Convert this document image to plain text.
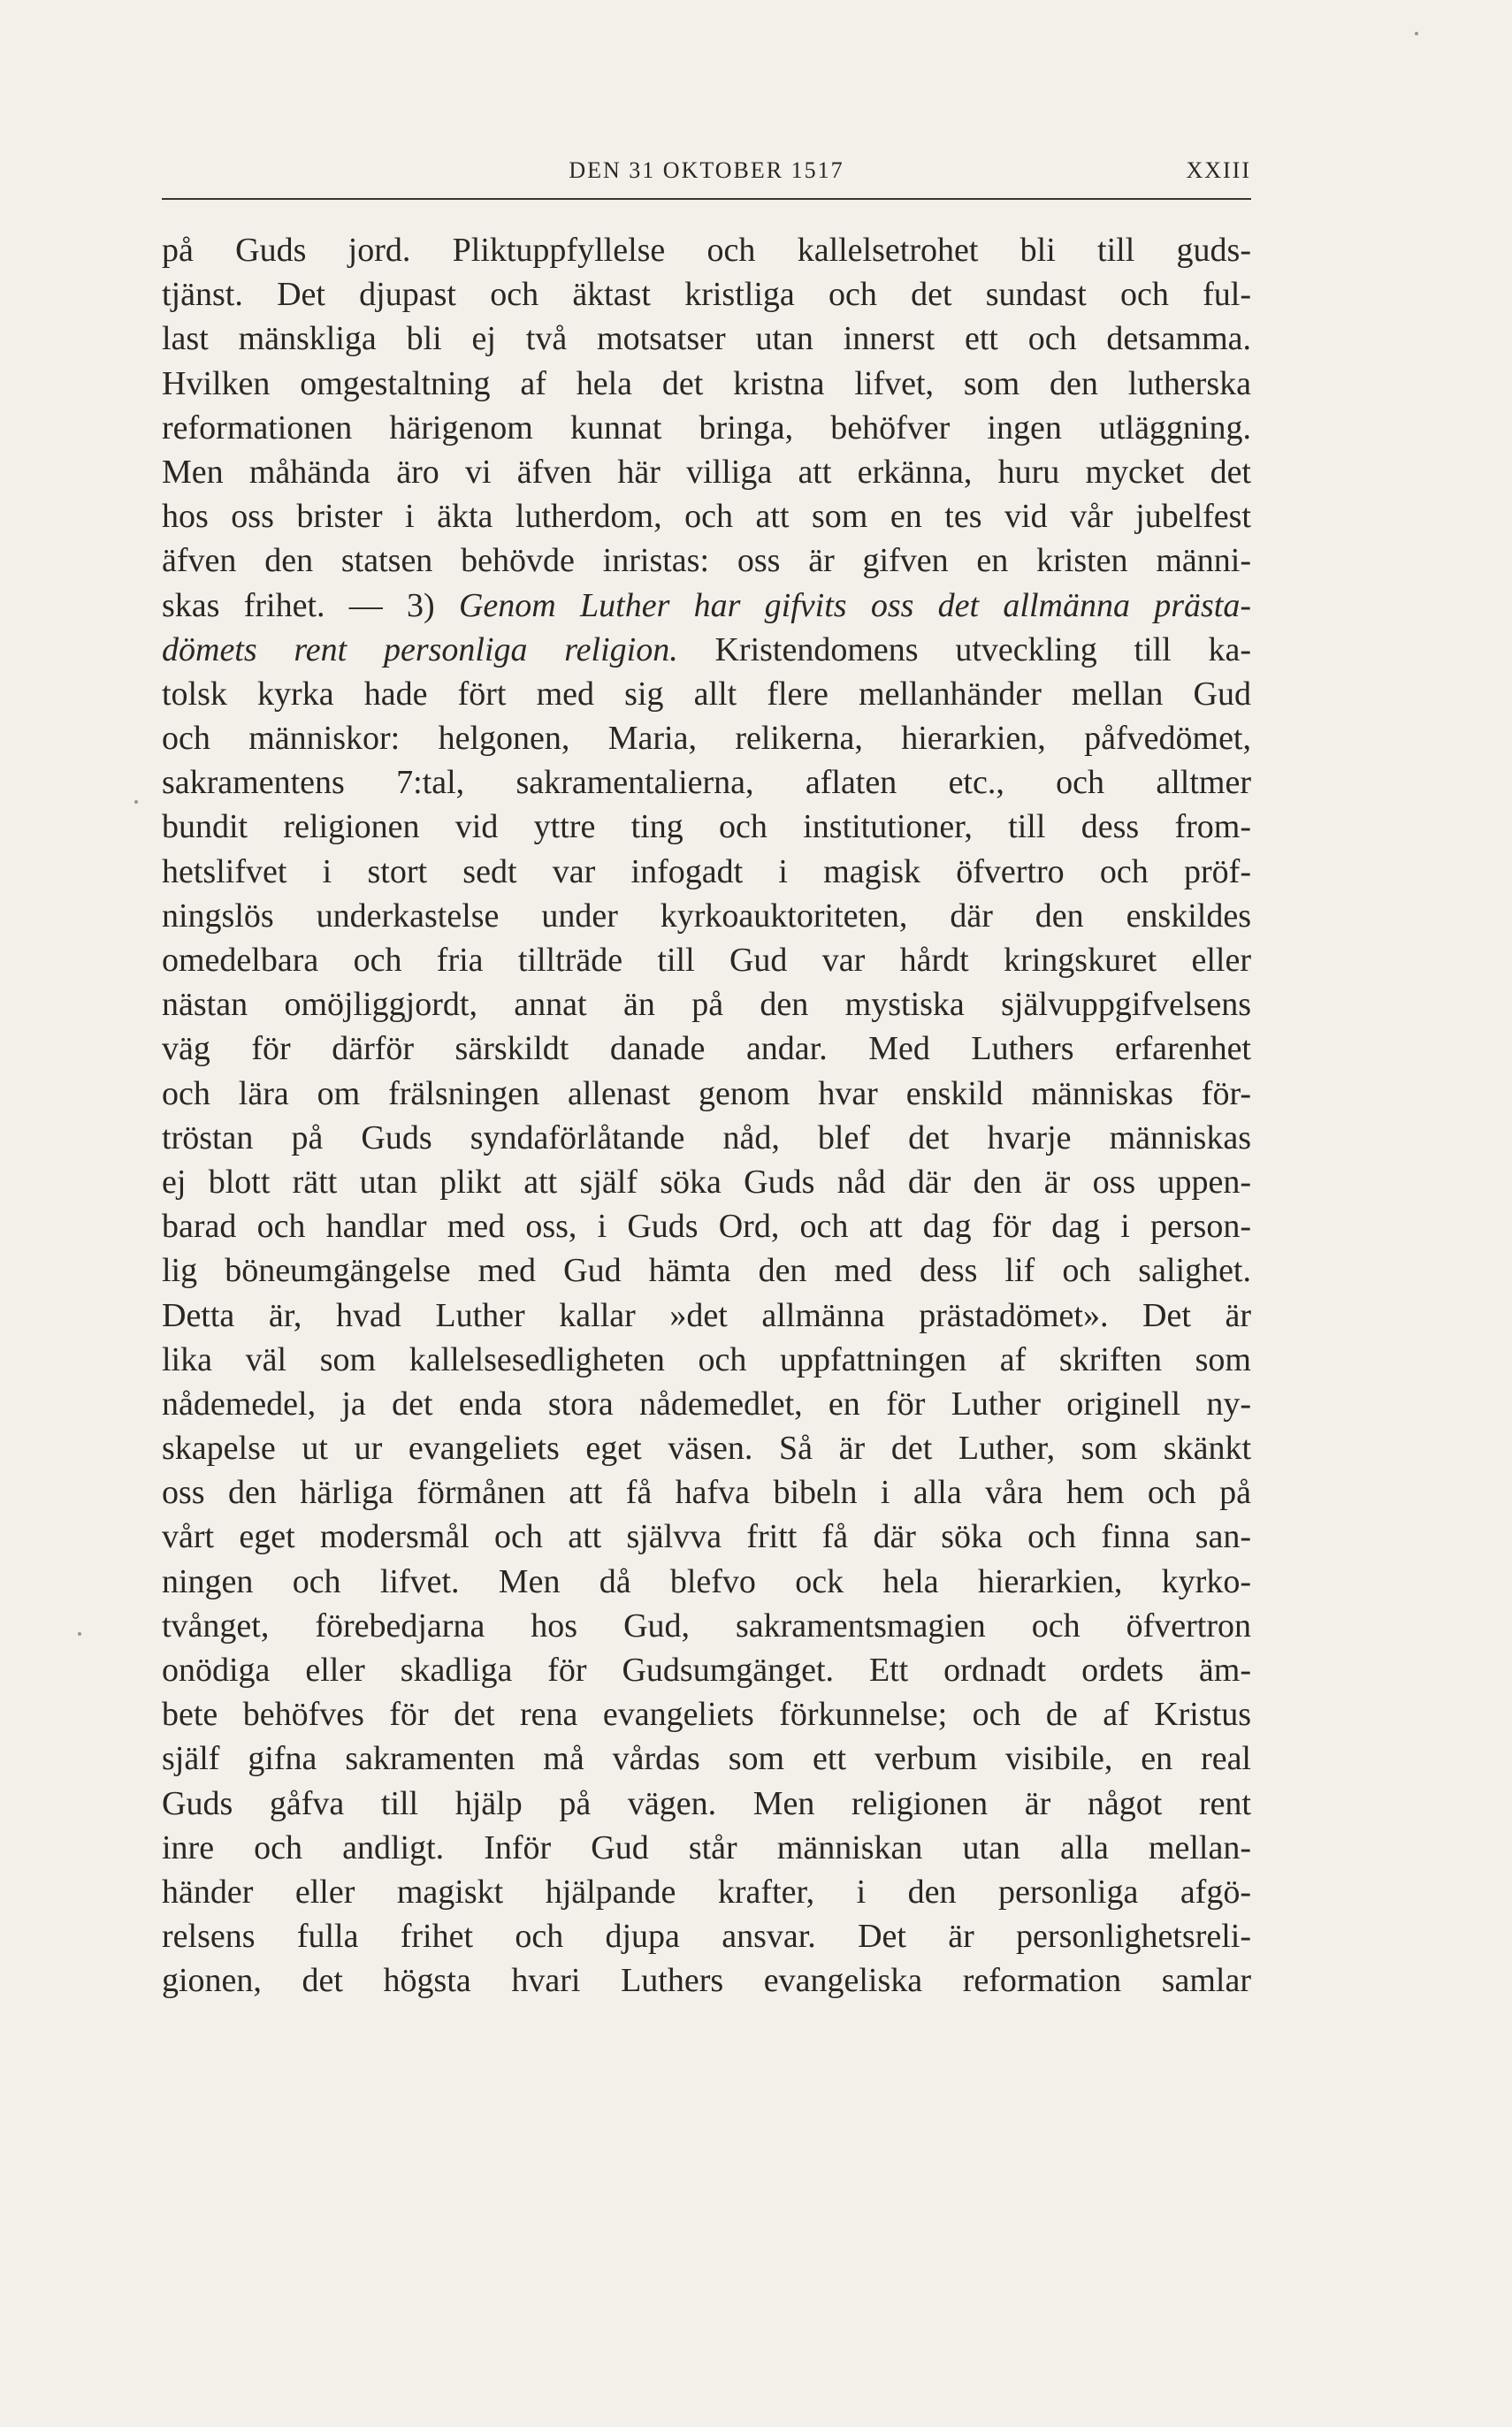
DEN 31 OKTOBER 1517	XXIII
på Guds jord. Pliktuppfyllelse och kallelsetrohet bli till guds-
tjänst. Det djupast och äktast kristliga och det sundast och ful-
last mänskliga bli ej två motsatser utan innerst ett och detsamma.
Hvilken omgestaltning af hela det kristna lifvet, som den lutherska
reformationen härigenom kunnat bringa, behöfver ingen utläggning.
Men måhända äro vi äfven här villiga att erkänna, huru mycket det
hos oss brister i äkta lutherdom, och att som en tes vid vår jubelfest
äfven den statsen behövde inristas: oss är gifven en kristen männi-
skas frihet. — 3) Genom Luther har gifvits oss det allmänna prästa-
dömets rent personliga religion. Kristendomens utveckling till ka-
tolsk kyrka hade fört med sig allt flere mellanhänder mellan Gud
och människor: helgonen, Maria, relikerna, hierarkien, påfvedömet,
sakramentens 7:tal, sakramentalierna, aflaten etc., och alltmer
bundit religionen vid yttre ting och institutioner, till dess from-
hetslifvet i stort sedt var infogadt i magisk öfvertro och pröf-
ningslös underkastelse under kyrkoauktoriteten, där den enskildes
omedelbara och fria tillträde till Gud var hårdt kringskuret eller
nästan omöjliggjordt, annat än på den mystiska självuppgifvelsens
väg för därför särskildt danade andar. Med Luthers erfarenhet
och lära om frälsningen allenast genom hvar enskild människas för-
tröstan på Guds syndaförlåtande nåd, blef det hvarje människas
ej blott rätt utan plikt att själf söka Guds nåd där den är oss uppen-
barad och handlar med oss, i Guds Ord, och att dag för dag i person-
lig böneumgängelse med Gud hämta den med dess lif och salighet.
Detta är, hvad Luther kallar »det allmänna prästadömet». Det är
lika väl som kallelsesedligheten och uppfattningen af skriften som
nådemedel, ja det enda stora nådemedlet, en för Luther originell ny-
skapelse ut ur evangeliets eget väsen. Så är det Luther, som skänkt
oss den härliga förmånen att få hafva bibeln i alla våra hem och på
vårt eget modersmål och att självva fritt få där söka och finna san-
ningen och lifvet. Men då blefvo ock hela hierarkien, kyrko-
tvånget, förebedjarna hos Gud, sakramentsmagien och öfvertron
onödiga eller skadliga för Gudsumgänget. Ett ordnadt ordets äm-
bete behöfves för det rena evangeliets förkunnelse; och de af Kristus
själf gifna sakramenten må vårdas som ett verbum visibile, en real
Guds gåfva till hjälp på vägen. Men religionen är något rent
inre och andligt. Inför Gud står människan utan alla mellan-
händer eller magiskt hjälpande krafter, i den personliga afgö-
relsens fulla frihet och djupa ansvar. Det är personlighetsreli-
gionen, det högsta hvari Luthers evangeliska reformation samlar
